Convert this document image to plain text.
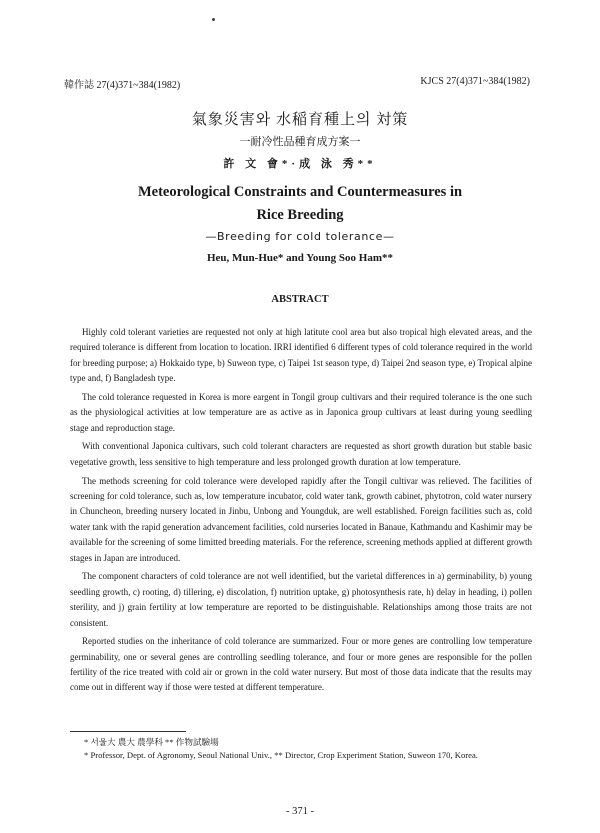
韓作誌 27(4)371~384(1982)	KJCS 27(4)371~384(1982)
氣象災害와 水稲育種上의 対策
一耐冷性品種育成方案一
許 文 會*·成 泳 秀**
Meteorological Constraints and Countermeasures in
Rice Breeding
—Breeding for cold tolerance—
Heu, Mun-Hue* and Young Soo Ham**
ABSTRACT

Highly cold tolerant varieties are requested not only at high latitute cool area but also tropical high elevated areas, and the required tolerance is different from location to location. IRRI identified 6 different types of cold tolerance required in the world for breeding purpose; a) Hokkaido type, b) Suweon type, c) Taipei 1st season type, d) Taipei 2nd season type, e) Tropical alpine type and, f) Bangladesh type.

The cold tolerance requested in Korea is more eargent in Tongil group cultivars and their required tolerance is the one such as the physiological activities at low temperature are as active as in Japonica group cultivars at least during young seedling stage and reproduction stage.

With conventional Japonica cultivars, such cold tolerant characters are requested as short growth duration but stable basic vegetative growth, less sensitive to high temperature and less prolonged growth duration at low temperature.

The methods screening for cold tolerance were developed rapidly after the Tongil cultivar was relieved. The facilities of screening for cold tolerance, such as, low temperature incubator, cold water tank, growth cabinet, phytotron, cold water nursery in Chuncheon, breeding nursery located in Jinbu, Unbong and Youngduk, are well established. Foreign facilities such as, cold water tank with the rapid generation advancement facilities, cold nurseries located in Banaue, Kathmandu and Kashimir may be available for the screening of some limitted breeding materials. For the reference, screening methods applied at different growth stages in Japan are introduced.

The component characters of cold tolerance are not well identified, but the varietal differences in a) germinability, b) young seedling growth, c) rooting, d) tillering, e) discolation, f) nutrition uptake, g) photosynthesis rate, h) delay in heading, i) pollen sterility, and j) grain fertility at low temperature are reported to be distinguishable. Relationships among those traits are not consistent.

Reported studies on the inheritance of cold tolerance are summarized. Four or more genes are controlling low temperature germinability, one or several genes are controlling seedling tolerance, and four or more genes are responsible for the pollen fertility of the rice treated with cold air or grown in the cold water nursery. But most of those data indicate that the results may come out in different way if those were tested at different temperature.

* 서울大 農大 農學科 ** 作物試驗場
* Professor, Dept. of Agronomy, Seoul National Univ., ** Director, Crop Experiment Station, Suweon 170, Korea.
- 371 -
